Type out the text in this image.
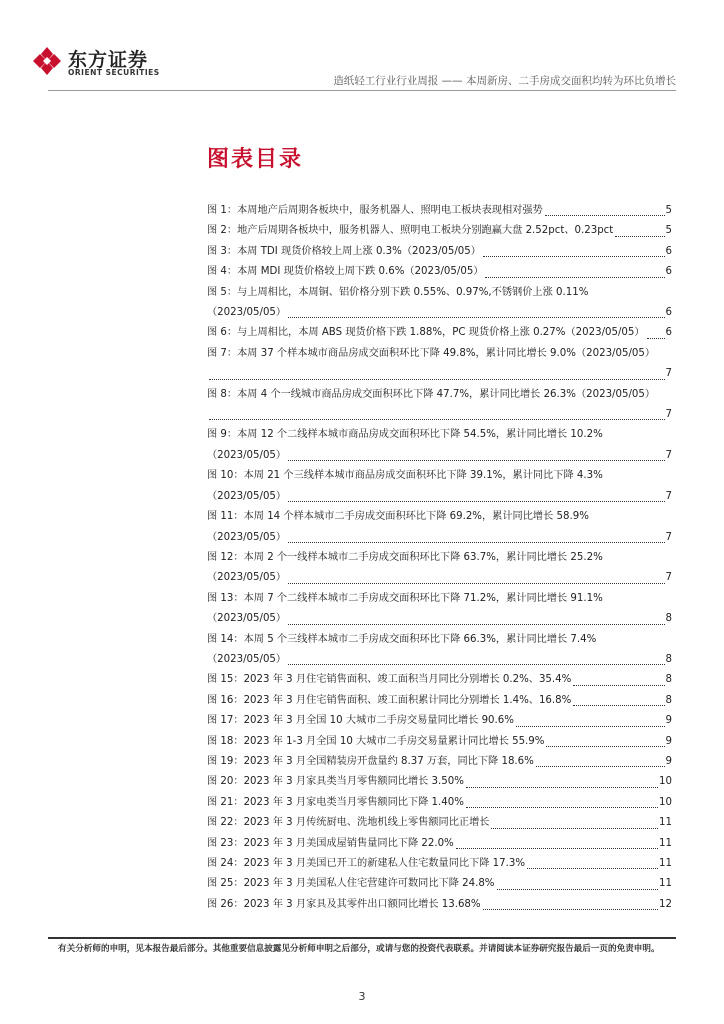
东方证券
ORIENT SECURITIES
造纸轻工行业行业周报 —— 本周新房、二手房成交面积均转为环比负增长
图表目录
图 1：本周地产后周期各板块中，服务机器人、照明电工板块表现相对强势	5
图 2：地产后周期各板块中，服务机器人、照明电工板块分别跑赢大盘 2.52pct、0.23pct	5
图 3：本周 TDI 现货价格较上周上涨 0.3%（2023/05/05）	6
图 4：本周 MDI 现货价格较上周下跌 0.6%（2023/05/05）	6
图 5：与上周相比，本周铜、铝价格分别下跌 0.55%、0.97%,不锈钢价上涨 0.11%
（2023/05/05）	6
图 6：与上周相比，本周 ABS 现货价格下跌 1.88%，PC 现货价格上涨 0.27%（2023/05/05） 6
图 7：本周 37 个样本城市商品房成交面积环比下降 49.8%，累计同比增长 9.0%（2023/05/05）
7
图 8：本周 4 个一线城市商品房成交面积环比下降 47.7%，累计同比增长 26.3%（2023/05/05）
7
图 9：本周 12 个二线样本城市商品房成交面积环比下降 54.5%，累计同比增长 10.2%
（2023/05/05）	7
图 10：本周 21 个三线样本城市商品房成交面积环比下降 39.1%，累计同比下降 4.3%
（2023/05/05）	7
图 11：本周 14 个样本城市二手房成交面积环比下降 69.2%，累计同比增长 58.9%
（2023/05/05）	7
图 12：本周 2 个一线样本城市二手房成交面积环比下降 63.7%，累计同比增长 25.2%
（2023/05/05）	7
图 13：本周 7 个二线样本城市二手房成交面积环比下降 71.2%，累计同比增长 91.1%
（2023/05/05）	8
图 14：本周 5 个三线样本城市二手房成交面积环比下降 66.3%，累计同比增长 7.4%
（2023/05/05）	8
图 15：2023 年 3 月住宅销售面积、竣工面积当月同比分别增长 0.2%、35.4%	8
图 16：2023 年 3 月住宅销售面积、竣工面积累计同比分别增长 1.4%、16.8%	8
图 17：2023 年 3 月全国 10 大城市二手房交易量同比增长 90.6%	9
图 18：2023 年 1-3 月全国 10 大城市二手房交易量累计同比增长 55.9%	9
图 19：2023 年 3 月全国精装房开盘量约 8.37 万套，同比下降 18.6%	9
图 20：2023 年 3 月家具类当月零售额同比增长 3.50%	10
图 21：2023 年 3 月家电类当月零售额同比下降 1.40%	10
图 22：2023 年 3 月传统厨电、洗地机线上零售额同比正增长	11
图 23：2023 年 3 月美国成屋销售量同比下降 22.0%	11
图 24：2023 年 3 月美国已开工的新建私人住宅数量同比下降 17.3%	11
图 25：2023 年 3 月美国私人住宅营建许可数同比下降 24.8%	11
图 26：2023 年 3 月家具及其零件出口额同比增长 13.68%	12
有关分析师的申明，见本报告最后部分。其他重要信息披露见分析师申明之后部分，或请与您的投资代表联系。并请阅读本证券研究报告最后一页的免责申明。
3
